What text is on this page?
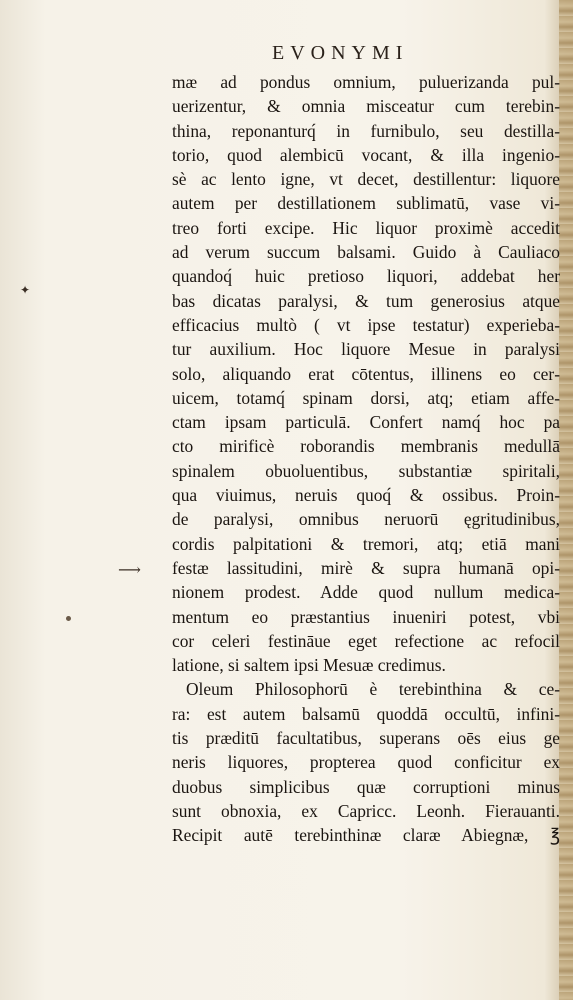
EVONYMI
⟶
✦
mæ ad pondus omnium, puluerizanda pul‑
uerizentur, & omnia misceatur cum terebin‑
thina, reponanturq́ in furnibulo, seu destilla‑
torio, quod alembicū vocant, & illa ingenio‑
sè ac lento igne, vt decet, destillentur: liquore
autem per destillationem sublimatū, vase vi‑
treo forti excipe. Hic liquor proximè accedit
ad verum succum balsami. Guido à Cauliaco
quandoq́ huic pretioso liquori, addebat her
bas dicatas paralysi, & tum generosius atque
efficacius multò ( vt ipse testatur) experieba‑
tur auxilium. Hoc liquore Mesue in paralysi
solo, aliquando erat cōtentus, illinens eo cer‑
uicem, totamq́ spinam dorsi, atq; etiam affe‑
ctam ipsam particulā. Confert namq́ hoc pa
cto mirificè roborandis membranis medullā
spinalem obuoluentibus, substantiæ spiritali,
qua viuimus, neruis quoq́ & ossibus. Proin‑
de paralysi, omnibus neruorū ęgritudinibus,
cordis palpitationi & tremori, atq; etiā mani
festæ lassitudini, mirè & supra humanā opi‑
nionem prodest. Adde quod nullum medica‑
mentum eo præstantius inueniri potest, vbi
cor celeri festināue eget refectione ac refocil
latione, si saltem ipsi Mesuæ credimus.
Oleum Philosophorū è terebinthina & ce‑
ra: est autem balsamū quoddā occultū, infini‑
tis præditū facultatibus, superans oēs eius ge
neris liquores, propterea quod conficitur ex
duobus simplicibus quæ corruptioni minus
sunt obnoxia, ex Capricc. Leonh. Fierauanti.
Recipit autē terebinthinæ claræ Abiegnæ, ℥
